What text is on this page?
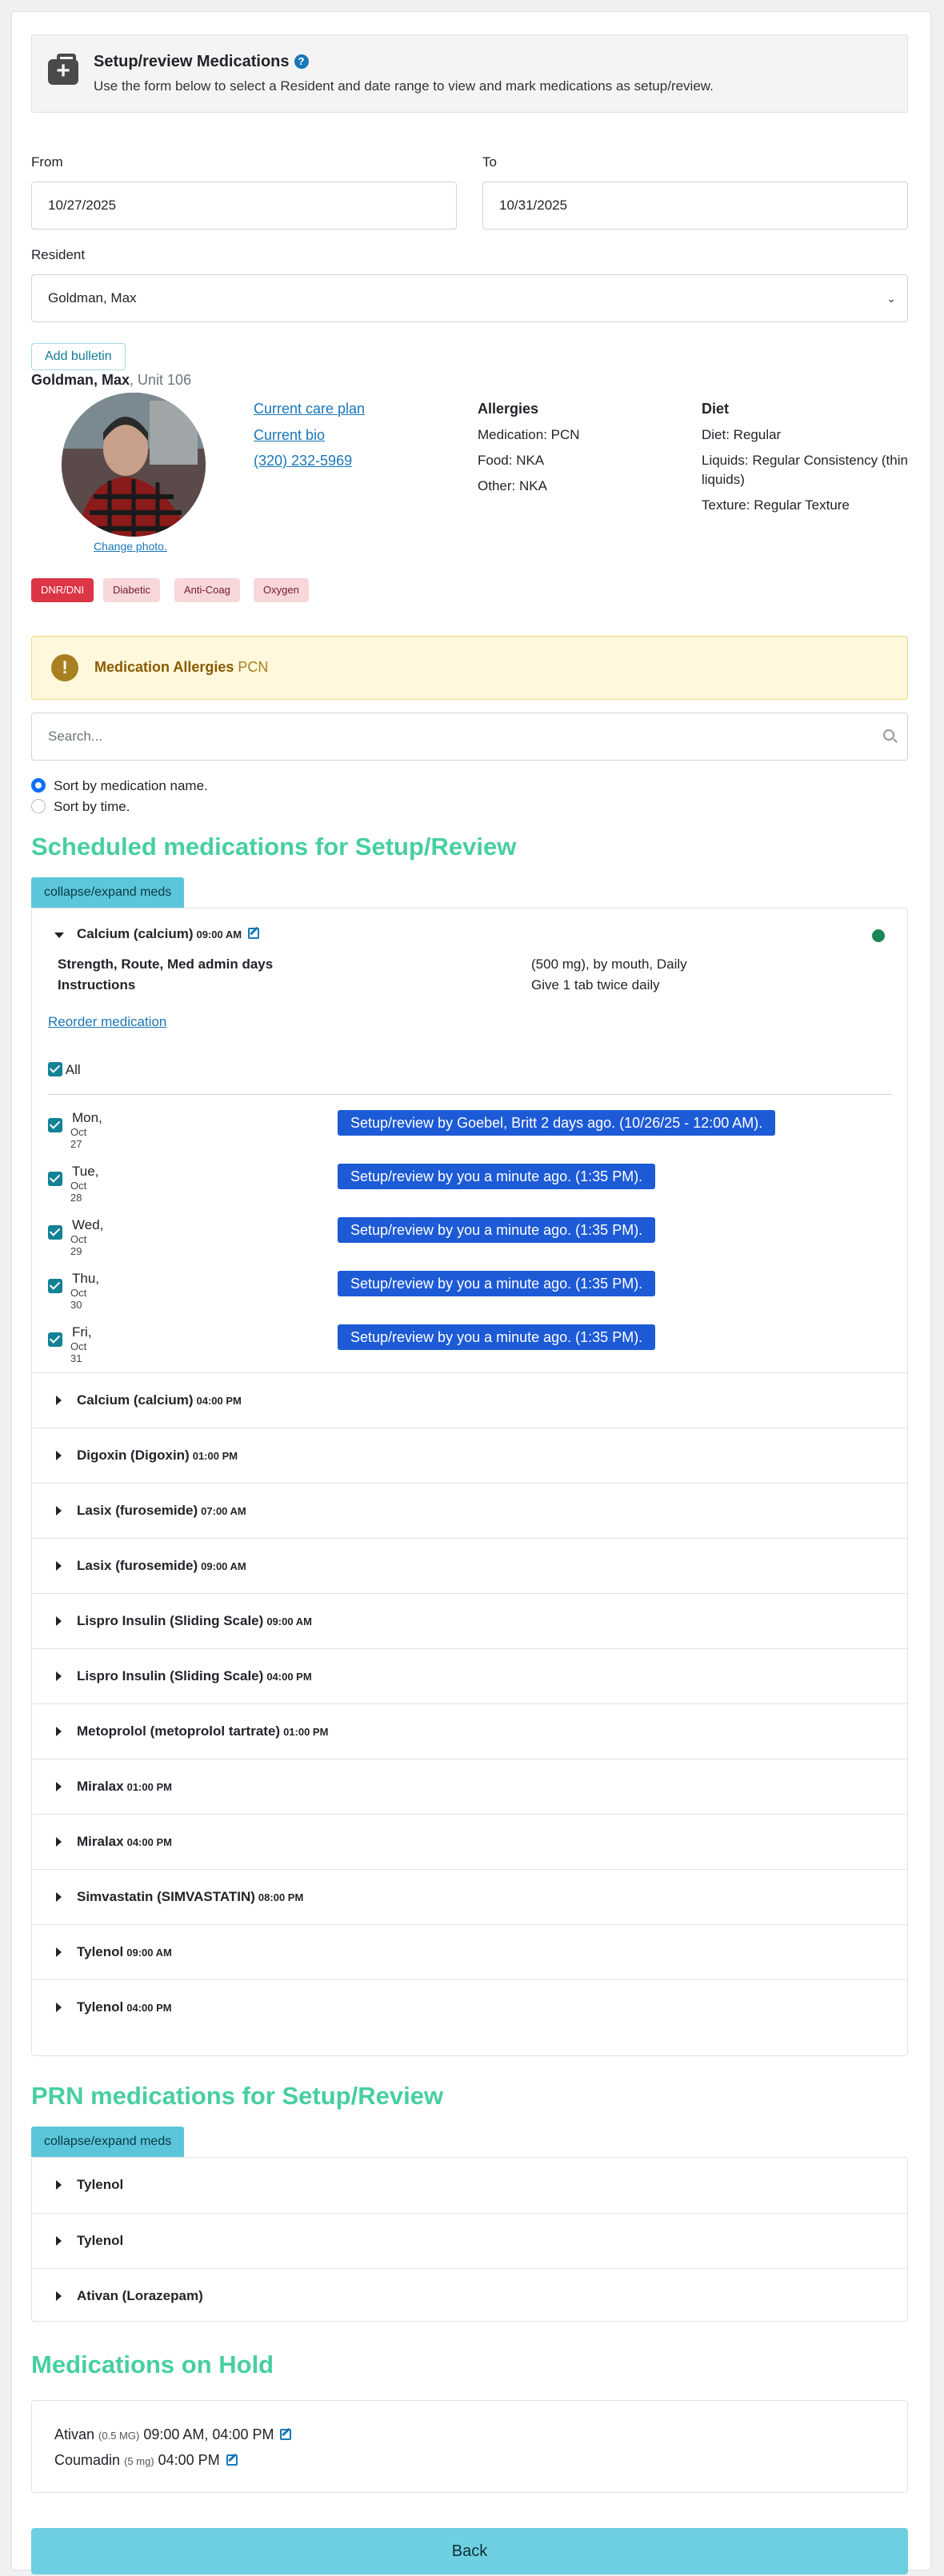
+
Setup/review Medications ?
Use the form below to select a Resident and date range to view and mark medications as setup/review.
From
10/27/2025
To
10/31/2025
Resident
Goldman, Max	⌄
Add bulletin
Goldman, Max, Unit 106
Change photo.
Current care plan
Current bio
(320) 232-5969
Allergies
Medication: PCN
Food: NKA
Other: NKA
Diet
Diet: Regular
Liquids: Regular Consistency (thin liquids)
Texture: Regular Texture
DNR/DNI	Diabetic	Anti-Coag	Oxygen
!	Medication Allergies PCN
Search...
Sort by medication name.
Sort by time.
Scheduled medications for Setup/Review
collapse/expand meds
Calcium (calcium) 09:00 AM
Strength, Route, Med admin days	(500 mg), by mouth, Daily
Instructions	Give 1 tab twice daily
Reorder medication
All
Mon,
Oct 27
Setup/review by Goebel, Britt 2 days ago. (10/26/25 - 12:00 AM).
Tue,
Oct 28
Setup/review by you a minute ago. (1:35 PM).
Wed,
Oct 29
Setup/review by you a minute ago. (1:35 PM).
Thu,
Oct 30
Setup/review by you a minute ago. (1:35 PM).
Fri,
Oct 31
Setup/review by you a minute ago. (1:35 PM).
Calcium (calcium) 04:00 PM
Digoxin (Digoxin) 01:00 PM
Lasix (furosemide) 07:00 AM
Lasix (furosemide) 09:00 AM
Lispro Insulin (Sliding Scale) 09:00 AM
Lispro Insulin (Sliding Scale) 04:00 PM
Metoprolol (metoprolol tartrate) 01:00 PM
Miralax 01:00 PM
Miralax 04:00 PM
Simvastatin (SIMVASTATIN) 08:00 PM
Tylenol 09:00 AM
Tylenol 04:00 PM
PRN medications for Setup/Review
collapse/expand meds
Tylenol
Tylenol
Ativan (Lorazepam)
Medications on Hold
Ativan (0.5 MG) 09:00 AM, 04:00 PM
Coumadin (5 mg) 04:00 PM
Back
